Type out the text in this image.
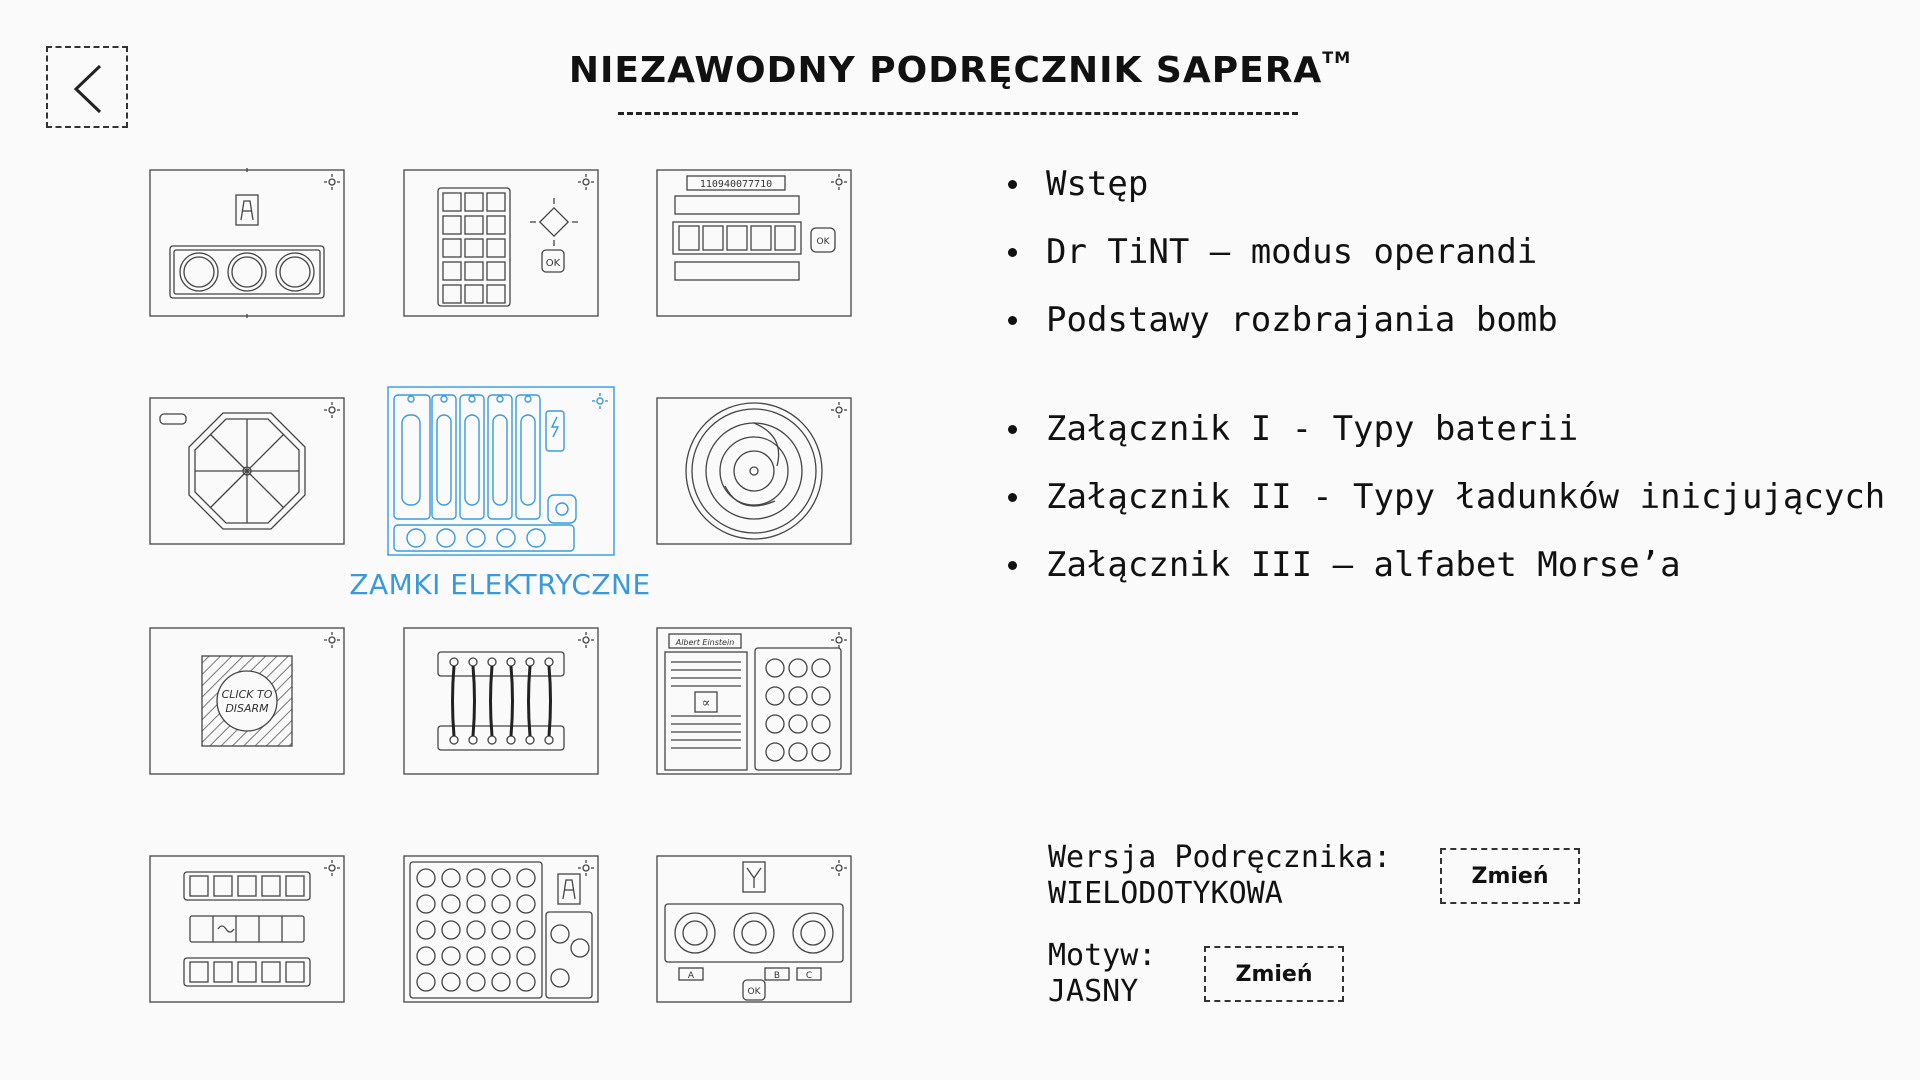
NIEZAWODNY PODRĘCZNIK SAPERA™
OK
110940077710
OK
ZAMKI ELEKTRYCZNE
CLICK TO
DISARM
Albert Einstein
∝
A	B	C
OK
Wstęp
Dr TiNT – modus operandi
Podstawy rozbrajania bomb
Załącznik I - Typy baterii
Załącznik II - Typy ładunków inicjujących
Załącznik III – alfabet Morse’a
Wersja Podręcznika:
WIELODOTYKOWA	Zmień
Motyw:
JASNY	Zmień
